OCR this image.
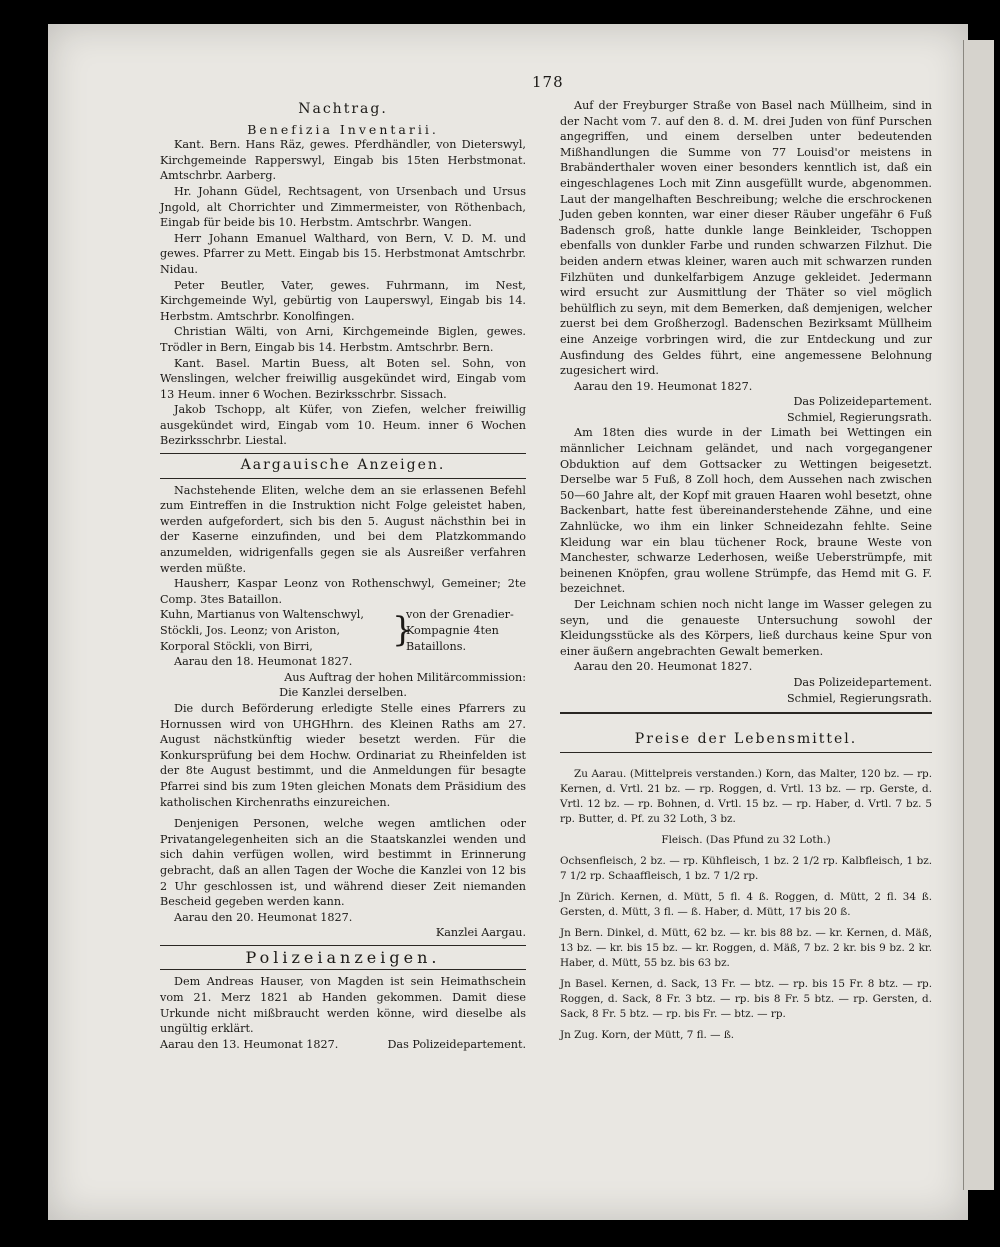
178
Nachtrag.

Benefizia Inventarii.

Kant. Bern. Hans Räz, gewes. Pferdhändler, von Dieterswyl, Kirchgemeinde Rapperswyl, Eingab bis 15ten Herbstmonat. Amtschrbr. Aarberg.

Hr. Johann Güdel, Rechtsagent, von Ursenbach und Ursus Jngold, alt Chorrichter und Zimmermeister, von Röthenbach, Eingab für beide bis 10. Herbstm. Amtschrbr. Wangen.

Herr Johann Emanuel Walthard, von Bern, V. D. M. und gewes. Pfarrer zu Mett. Eingab bis 15. Herbstmonat Amtschrbr. Nidau.

Peter Beutler, Vater, gewes. Fuhrmann, im Nest, Kirchgemeinde Wyl, gebürtig von Lauperswyl, Eingab bis 14. Herbstm. Amtschrbr. Konolfingen.

Christian Wälti, von Arni, Kirchgemeinde Biglen, gewes. Trödler in Bern, Eingab bis 14. Herbstm. Amtschrbr. Bern.

Kant. Basel. Martin Buess, alt Boten sel. Sohn, von Wenslingen, welcher freiwillig ausgekündet wird, Eingab vom 13 Heum. inner 6 Wochen. Bezirksschrbr. Sissach.

Jakob Tschopp, alt Küfer, von Ziefen, welcher freiwillig ausgekündet wird, Eingab vom 10. Heum. inner 6 Wochen Bezirksschrbr. Liestal.

Aargauische Anzeigen.

Nachstehende Eliten, welche dem an sie erlassenen Befehl zum Eintreffen in die Instruktion nicht Folge geleistet haben, werden aufgefordert, sich bis den 5. August nächsthin bei in der Kaserne einzufinden, und bei dem Platzkommando anzumelden, widrigenfalls gegen sie als Ausreißer verfahren werden müßte.

Hausherr, Kaspar Leonz von Rothenschwyl, Gemeiner; 2te Comp. 3tes Bataillon.

Kuhn, Martianus von Waltenschwyl,
Stöckli, Jos. Leonz; von Ariston,
Korporal Stöckli, von Birri,	}
von der Grenadier-Kompagnie 4ten Bataillons.

Aarau den 18. Heumonat 1827.

Aus Auftrag der hohen Militärcommission:

Die Kanzlei derselben.

Die durch Beförderung erledigte Stelle eines Pfarrers zu Hornussen wird von UHGHhrn. des Kleinen Raths am 27. August nächstkünftig wieder besetzt werden. Für die Konkursprüfung bei dem Hochw. Ordinariat zu Rheinfelden ist der 8te August bestimmt, und die Anmeldungen für besagte Pfarrei sind bis zum 19ten gleichen Monats dem Präsidium des katholischen Kirchenraths einzureichen.

Denjenigen Personen, welche wegen amtlichen oder Privatangelegenheiten sich an die Staatskanzlei wenden und sich dahin verfügen wollen, wird bestimmt in Erinnerung gebracht, daß an allen Tagen der Woche die Kanzlei von 12 bis 2 Uhr geschlossen ist, und während dieser Zeit niemanden Bescheid gegeben werden kann.

Aarau den 20. Heumonat 1827.

Kanzlei Aargau.

Polizeianzeigen.

Dem Andreas Hauser, von Magden ist sein Heimathschein vom 21. Merz 1821 ab Handen gekommen. Damit diese Urkunde nicht mißbraucht werden könne, wird dieselbe als ungültig erklärt.

Aarau den 13. Heumonat 1827.	Das Polizeidepartement.

Auf der Freyburger Straße von Basel nach Müllheim, sind in der Nacht vom 7. auf den 8. d. M. drei Juden von fünf Purschen angegriffen, und einem derselben unter bedeutenden Mißhandlungen die Summe von 77 Louisd'or meistens in Brabänderthaler woven einer besonders kenntlich ist, daß ein eingeschlagenes Loch mit Zinn ausgefüllt wurde, abgenommen. Laut der mangelhaften Beschreibung; welche die erschrockenen Juden geben konnten, war einer dieser Räuber ungefähr 6 Fuß Badensch groß, hatte dunkle lange Beinkleider, Tschoppen ebenfalls von dunkler Farbe und runden schwarzen Filzhut. Die beiden andern etwas kleiner, waren auch mit schwarzen runden Filzhüten und dunkelfarbigem Anzuge gekleidet. Jedermann wird ersucht zur Ausmittlung der Thäter so viel möglich behülflich zu seyn, mit dem Bemerken, daß demjenigen, welcher zuerst bei dem Großherzogl. Badenschen Bezirksamt Müllheim eine Anzeige vorbringen wird, die zur Entdeckung und zur Ausfindung des Geldes führt, eine angemessene Belohnung zugesichert wird.

Aarau den 19. Heumonat 1827.

Das Polizeidepartement.

Schmiel, Regierungsrath.

Am 18ten dies wurde in der Limath bei Wettingen ein männlicher Leichnam geländet, und nach vorgegangener Obduktion auf dem Gottsacker zu Wettingen beigesetzt. Derselbe war 5 Fuß, 8 Zoll hoch, dem Aussehen nach zwischen 50—60 Jahre alt, der Kopf mit grauen Haaren wohl besetzt, ohne Backenbart, hatte fest übereinanderstehende Zähne, und eine Zahnlücke, wo ihm ein linker Schneidezahn fehlte. Seine Kleidung war ein blau tüchener Rock, braune Weste von Manchester, schwarze Lederhosen, weiße Ueberstrümpfe, mit beinenen Knöpfen, grau wollene Strümpfe, das Hemd mit G. F. bezeichnet.

Der Leichnam schien noch nicht lange im Wasser gelegen zu seyn, und die genaueste Untersuchung sowohl der Kleidungsstücke als des Körpers, ließ durchaus keine Spur von einer äußern angebrachten Gewalt bemerken.

Aarau den 20. Heumonat 1827.

Das Polizeidepartement.

Schmiel, Regierungsrath.

Preise der Lebensmittel.

Zu Aarau. (Mittelpreis verstanden.) Korn, das Malter, 120 bz. — rp. Kernen, d. Vrtl. 21 bz. — rp. Roggen, d. Vrtl. 13 bz. — rp. Gerste, d. Vrtl. 12 bz. — rp. Bohnen, d. Vrtl. 15 bz. — rp. Haber, d. Vrtl. 7 bz. 5 rp. Butter, d. Pf. zu 32 Loth, 3 bz.

Fleisch. (Das Pfund zu 32 Loth.)

Ochsenfleisch, 2 bz. — rp. Kühfleisch, 1 bz. 2 1/2 rp. Kalbfleisch, 1 bz. 7 1/2 rp. Schaaffleisch, 1 bz. 7 1/2 rp.

Jn Zürich. Kernen, d. Mütt, 5 fl. 4 ß. Roggen, d. Mütt, 2 fl. 34 ß. Gersten, d. Mütt, 3 fl. — ß. Haber, d. Mütt, 17 bis 20 ß.

Jn Bern. Dinkel, d. Mütt, 62 bz. — kr. bis 88 bz. — kr. Kernen, d. Mäß, 13 bz. — kr. bis 15 bz. — kr. Roggen, d. Mäß, 7 bz. 2 kr. bis 9 bz. 2 kr. Haber, d. Mütt, 55 bz. bis 63 bz.

Jn Basel. Kernen, d. Sack, 13 Fr. — btz. — rp. bis 15 Fr. 8 btz. — rp. Roggen, d. Sack, 8 Fr. 3 btz. — rp. bis 8 Fr. 5 btz. — rp. Gersten, d. Sack, 8 Fr. 5 btz. — rp. bis Fr. — btz. — rp.

Jn Zug. Korn, der Mütt, 7 fl. — ß.
